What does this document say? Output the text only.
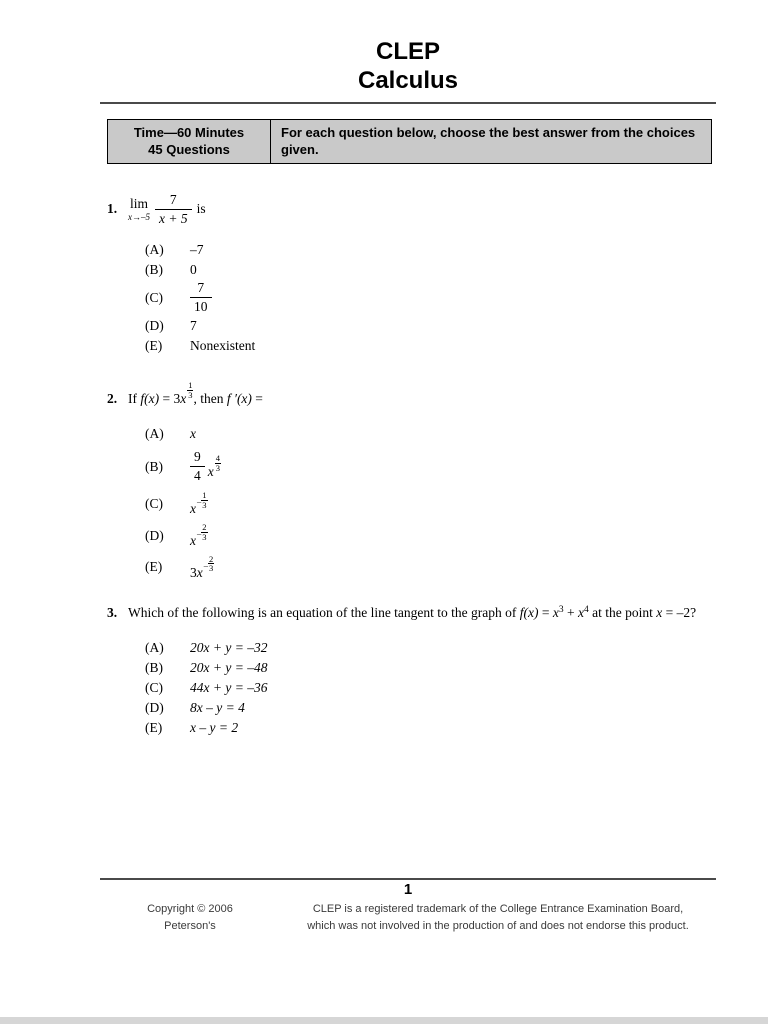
CLEP
Calculus
Time—60 Minutes
45 Questions
For each question below, choose the best answer from the choices given.
1. lim
$x\to-5 \frac{7}{x + 5}$ is
(A)	–7
(B)	0
(C)	$\frac{7}{10}$
(D)	7
(E)	Nonexistent
2. If f(x) = 3x $^{\frac{1}{3}}$ , then f ′(x) =
(A)	x
(B)	$\frac{9}{4}$ x $^{\frac{4}{3}}$
(C)	$x^{- \frac{1}{3}}$
(D)	$x^{- \frac{2}{3}}$
(E)	$3x^{- \frac{2}{3}}$
3. Which of the following is an equation of the line tangent to the graph of $f(x) = x^3 + x^4$ at the point x = –2?
(A)	20x + y = –32
(B)	20x + y = –48
(C)	44x + y = –36
(D)	8x – y = 4
(E)	x – y = 2
1
Copyright © 2006
Peterson's
CLEP is a registered trademark of the College Entrance Examination Board,
which was not involved in the production of and does not endorse this product.
